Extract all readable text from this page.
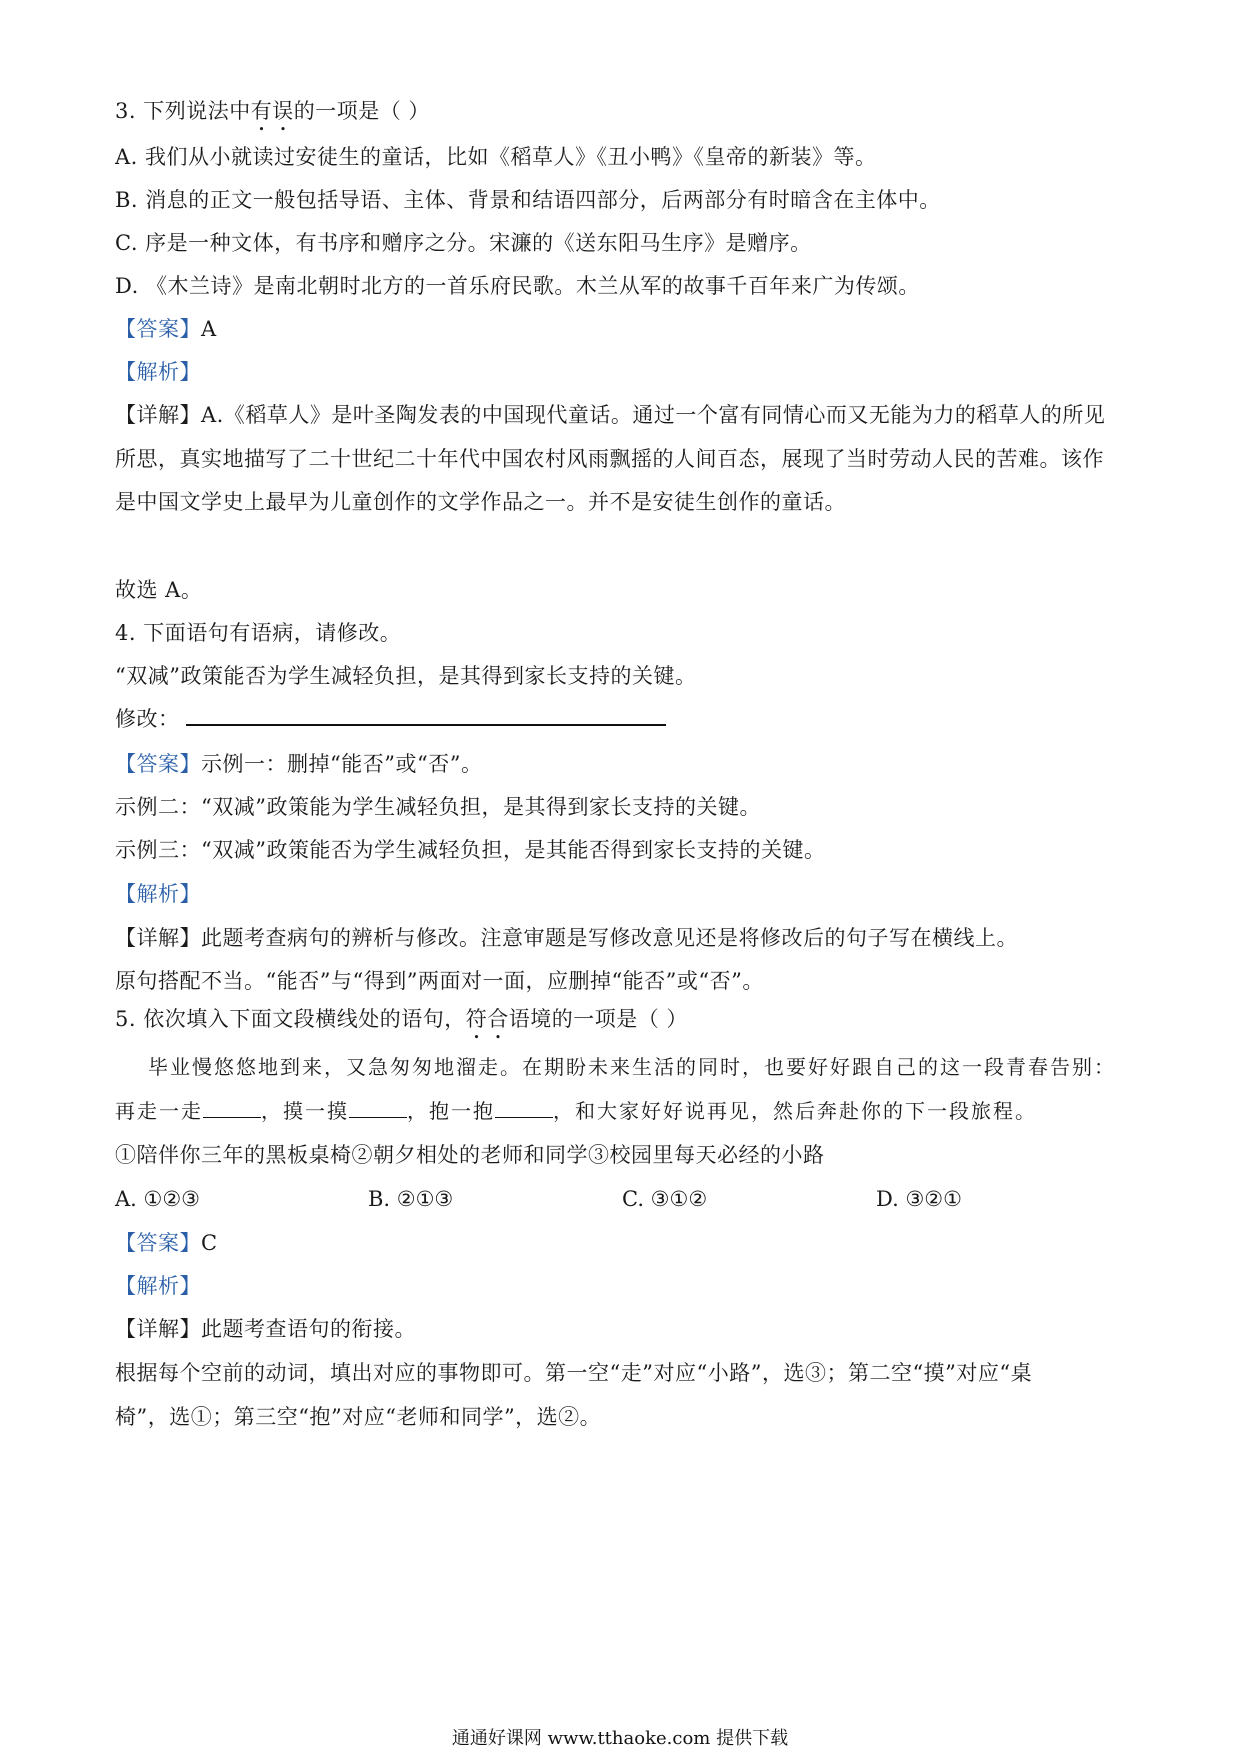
3. 下列说法中有误的一项是（ ）
A. 我们从小就读过安徒生的童话，比如《稻草人》《丑小鸭》《皇帝的新装》等。
B. 消息的正文一般包括导语、主体、背景和结语四部分，后两部分有时暗含在主体中。
C. 序是一种文体，有书序和赠序之分。宋濂的《送东阳马生序》是赠序。
D. 《木兰诗》是南北朝时北方的一首乐府民歌。木兰从军的故事千百年来广为传颂。
【答案】A
【解析】
【详解】A.《稻草人》是叶圣陶发表的中国现代童话。通过一个富有同情心而又无能为力的稻草人的所见
所思，真实地描写了二十世纪二十年代中国农村风雨飘摇的人间百态，展现了当时劳动人民的苦难。该作
是中国文学史上最早为儿童创作的文学作品之一。并不是安徒生创作的童话。
故选 A。
4. 下面语句有语病，请修改。
“双减”政策能否为学生减轻负担，是其得到家长支持的关键。
修改：
【答案】示例一：删掉“能否”或“否”。
示例二：“双减”政策能为学生减轻负担，是其得到家长支持的关键。
示例三：“双减”政策能否为学生减轻负担，是其能否得到家长支持的关键。
【解析】
【详解】此题考查病句的辨析与修改。注意审题是写修改意见还是将修改后的句子写在横线上。
原句搭配不当。“能否”与“得到”两面对一面，应删掉“能否”或“否”。
5. 依次填入下面文段横线处的语句，符合语境的一项是（ ）
毕业慢悠悠地到来，又急匆匆地溜走。在期盼未来生活的同时，也要好好跟自己的这一段青春告别：
再走一走	，摸一摸	，抱一抱	，和大家好好说再见，然后奔赴你的下一段旅程。
①陪伴你三年的黑板桌椅②朝夕相处的老师和同学③校园里每天必经的小路
A. ①②③	B. ②①③	C. ③①②	D. ③②①
【答案】C
【解析】
【详解】此题考查语句的衔接。
根据每个空前的动词，填出对应的事物即可。第一空“走”对应“小路”，选③；第二空“摸”对应“桌
椅”，选①；第三空“抱”对应“老师和同学”，选②。
通通好课网 www.tthaoke.com 提供下载
